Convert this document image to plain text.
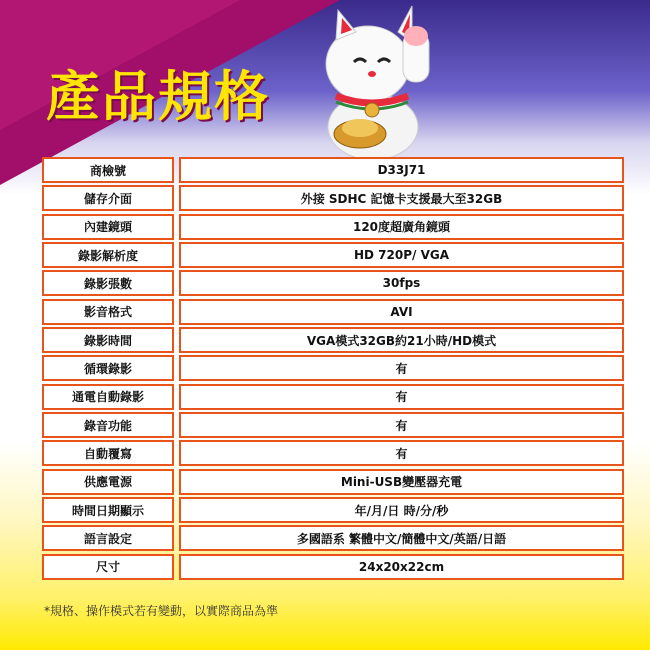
產品規格
商檢號	D33J71
儲存介面	外接 SDHC 記憶卡支援最大至32GB
內建鏡頭	120度超廣角鏡頭
錄影解析度	HD 720P/ VGA
錄影張數	30fps
影音格式	AVI
錄影時間	VGA模式32GB約21小時/HD模式
循環錄影	有
通電自動錄影	有
錄音功能	有
自動覆寫	有
供應電源	Mini-USB變壓器充電
時間日期顯示	年/月/日 時/分/秒
語言設定	多國語系 繁體中文/簡體中文/英語/日語
尺寸	24x20x22cm
*規格、操作模式若有變動，以實際商品為準
